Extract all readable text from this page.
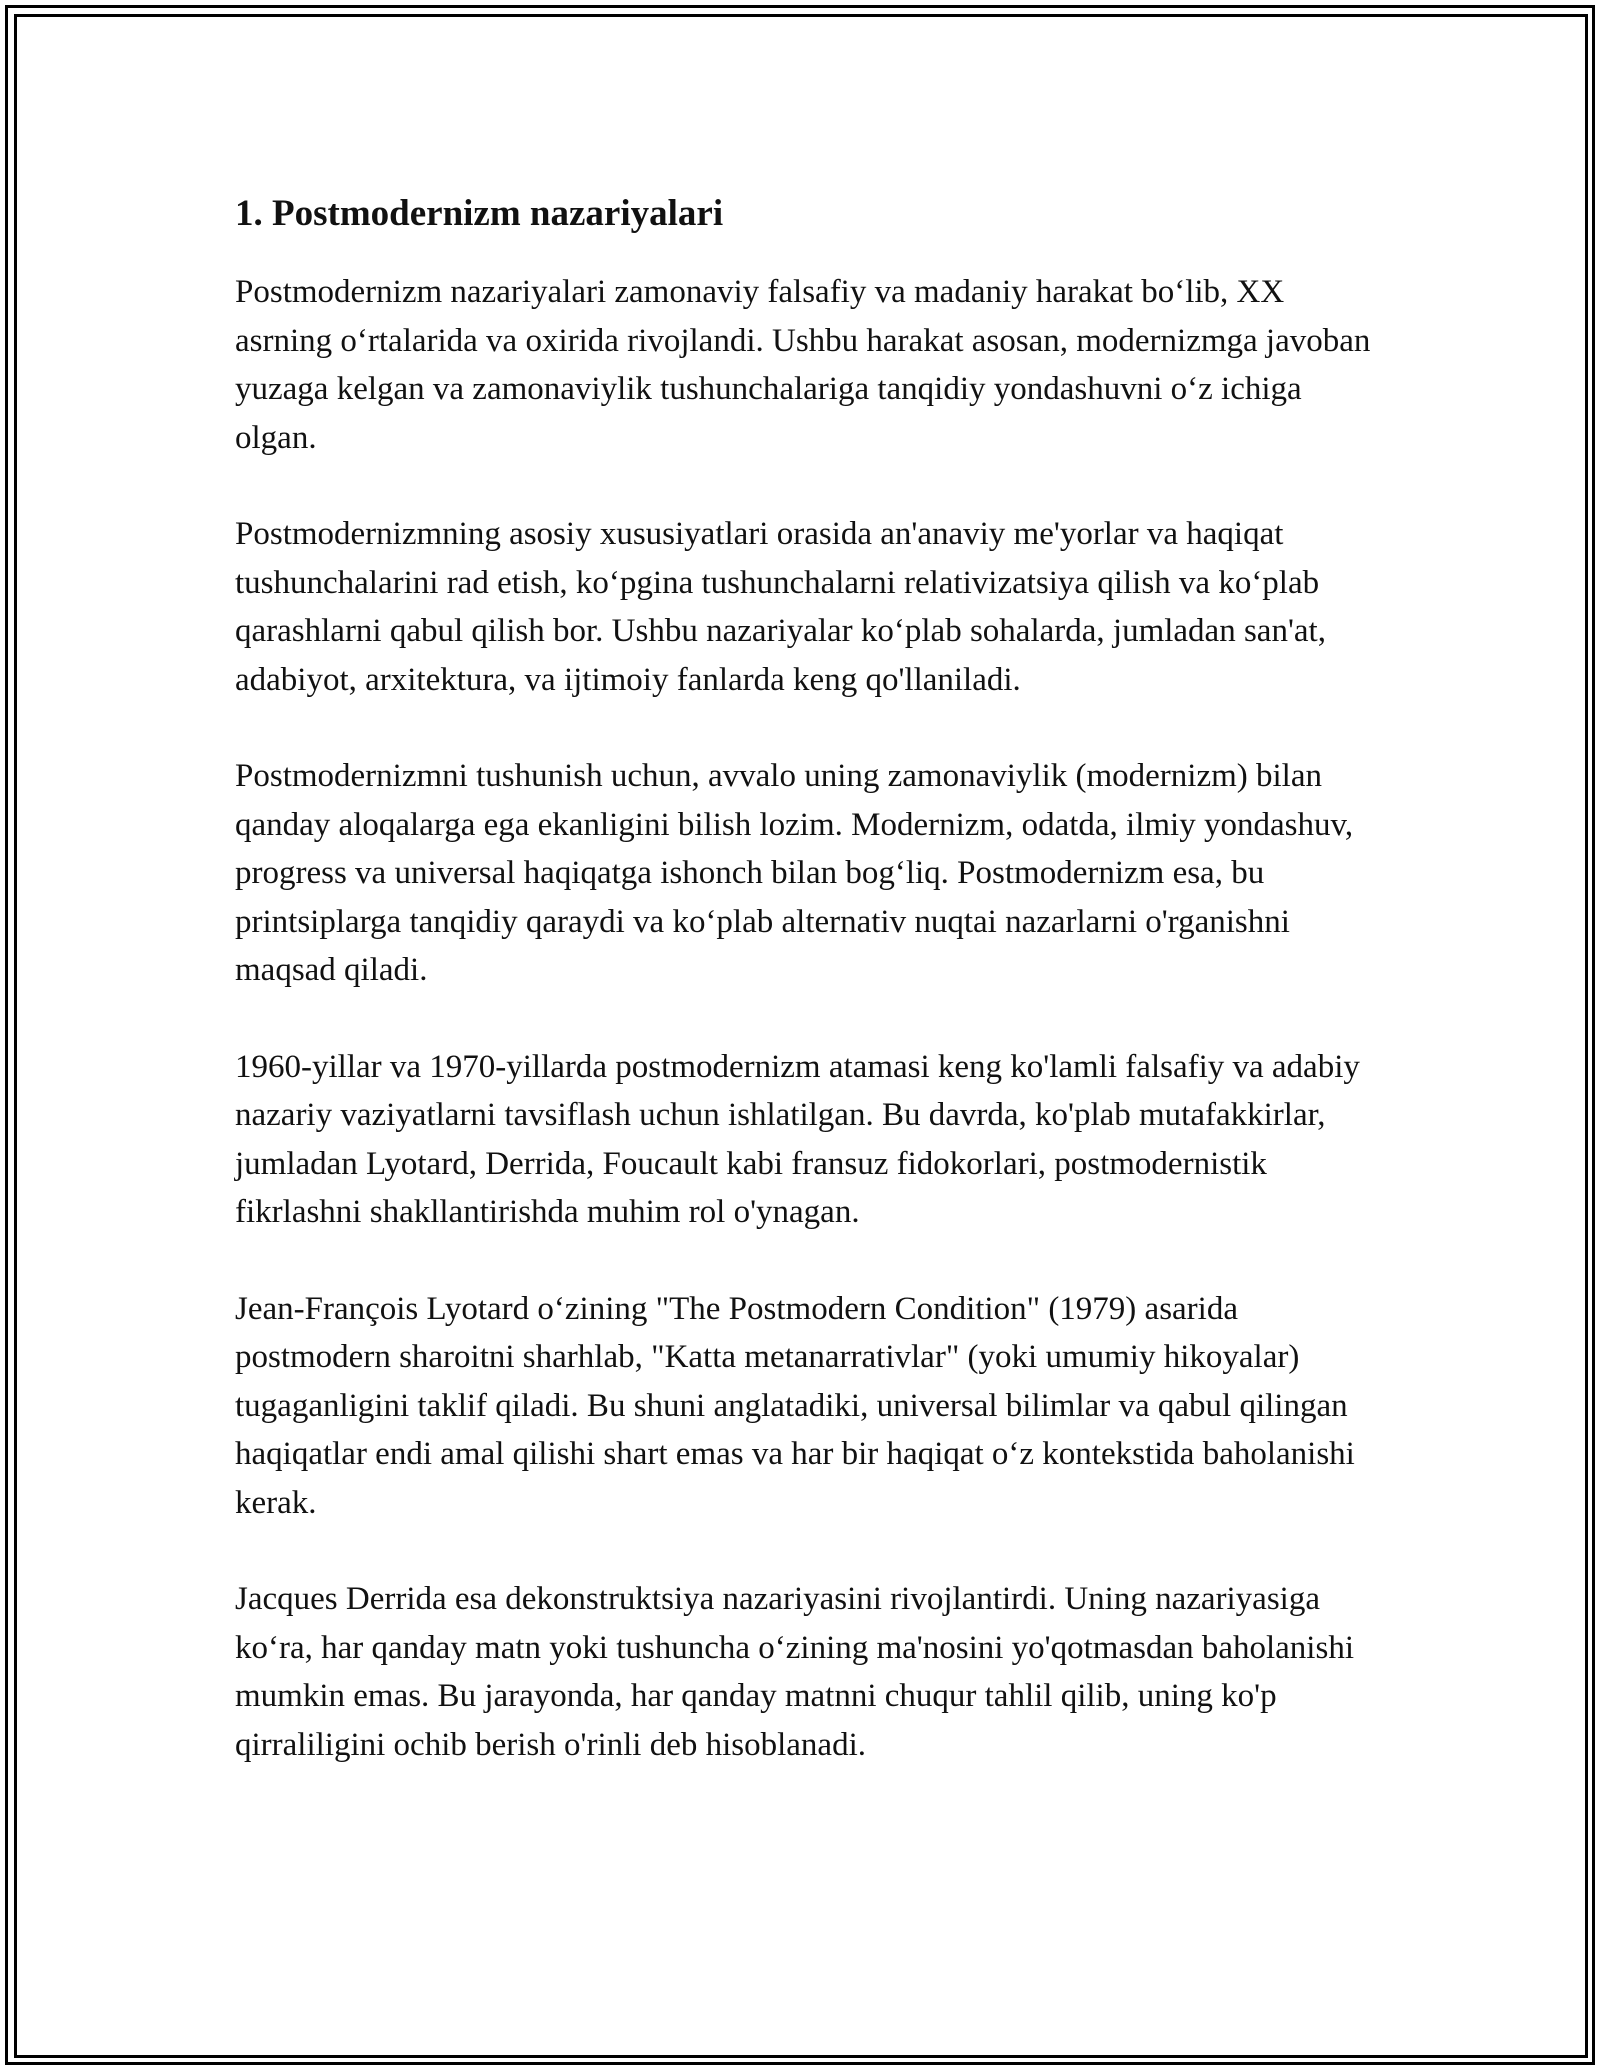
1. Postmodernizm nazariyalari

Postmodernizm nazariyalari zamonaviy falsafiy va madaniy harakat bo‘lib, XX asrning o‘rtalarida va oxirida rivojlandi. Ushbu harakat asosan, modernizmga javoban yuzaga kelgan va zamonaviylik tushunchalariga tanqidiy yondashuvni o‘z ichiga olgan.

Postmodernizmning asosiy xususiyatlari orasida an'anaviy me'yorlar va haqiqat tushunchalarini rad etish, ko‘pgina tushunchalarni relativizatsiya qilish va ko‘plab qarashlarni qabul qilish bor. Ushbu nazariyalar ko‘plab sohalarda, jumladan san'at, adabiyot, arxitektura, va ijtimoiy fanlarda keng qo'llaniladi.

Postmodernizmni tushunish uchun, avvalo uning zamonaviylik (modernizm) bilan qanday aloqalarga ega ekanligini bilish lozim. Modernizm, odatda, ilmiy yondashuv, progress va universal haqiqatga ishonch bilan bog‘liq. Postmodernizm esa, bu printsiplarga tanqidiy qaraydi va ko‘plab alternativ nuqtai nazarlarni o'rganishni maqsad qiladi.

1960-yillar va 1970-yillarda postmodernizm atamasi keng ko'lamli falsafiy va adabiy nazariy vaziyatlarni tavsiflash uchun ishlatilgan. Bu davrda, ko'plab mutafakkirlar, jumladan Lyotard, Derrida, Foucault kabi fransuz fidokorlari, postmodernistik fikrlashni shakllantirishda muhim rol o'ynagan.

Jean-François Lyotard o‘zining "The Postmodern Condition" (1979) asarida postmodern sharoitni sharhlab, "Katta metanarrativlar" (yoki umumiy hikoyalar) tugaganligini taklif qiladi. Bu shuni anglatadiki, universal bilimlar va qabul qilingan haqiqatlar endi amal qilishi shart emas va har bir haqiqat o‘z kontekstida baholanishi kerak.

Jacques Derrida esa dekonstruktsiya nazariyasini rivojlantirdi. Uning nazariyasiga ko‘ra, har qanday matn yoki tushuncha o‘zining ma'nosini yo'qotmasdan baholanishi mumkin emas. Bu jarayonda, har qanday matnni chuqur tahlil qilib, uning ko'p qirraliligini ochib berish o'rinli deb hisoblanadi.
